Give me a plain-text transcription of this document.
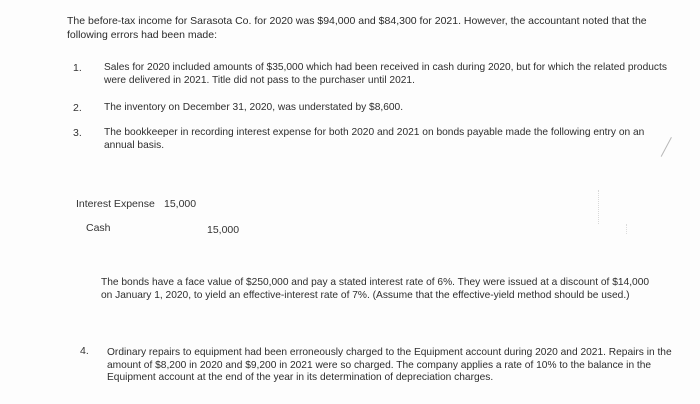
The before-tax income for Sarasota Co. for 2020 was $94,000 and $84,300 for 2021. However, the accountant noted that the following errors had been made:
1. Sales for 2020 included amounts of $35,000 which had been received in cash during 2020, but for which the related products were delivered in 2021. Title did not pass to the purchaser until 2021.
2. The inventory on December 31, 2020, was understated by $8,600.
3. The bookkeeper in recording interest expense for both 2020 and 2021 on bonds payable made the following entry on an annual basis.
Interest Expense 15,000
Cash	15,000
The bonds have a face value of $250,000 and pay a stated interest rate of 6%. They were issued at a discount of $14,000 on January 1, 2020, to yield an effective-interest rate of 7%. (Assume that the effective-yield method should be used.)
4. Ordinary repairs to equipment had been erroneously charged to the Equipment account during 2020 and 2021. Repairs in the amount of $8,200 in 2020 and $9,200 in 2021 were so charged. The company applies a rate of 10% to the balance in the Equipment account at the end of the year in its determination of depreciation charges.
